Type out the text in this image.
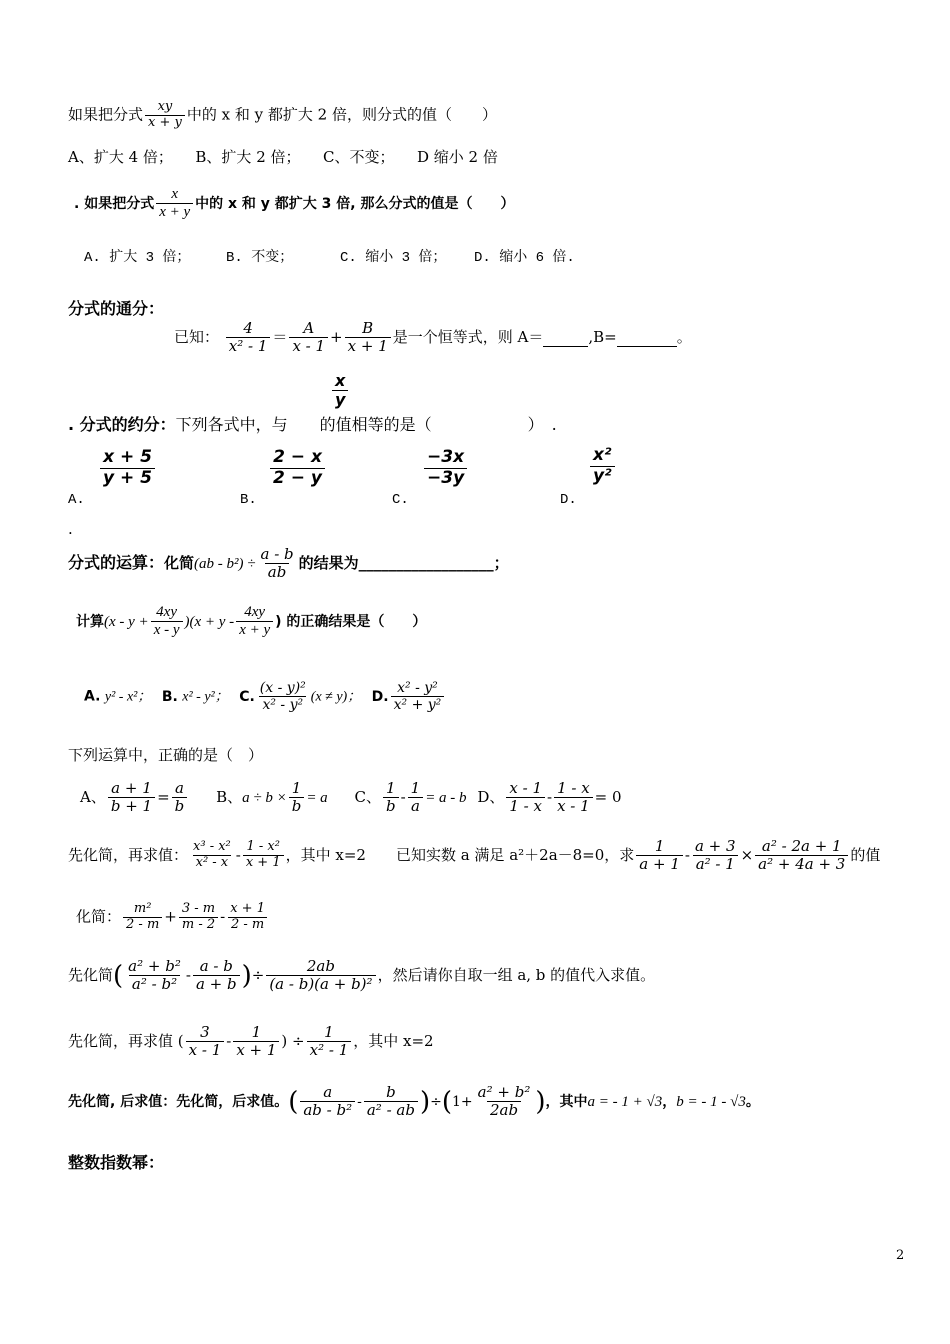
如果把分式 $\frac{xy}{x + y}$ 中的 x 和 y 都扩大 2 倍，则分式的值（　　）
A、扩大 4 倍；　　B、扩大 2 倍；　　C、不变；　　D 缩小 2 倍
. 如果把分式 $\frac{x}{x + y}$ 中的 x 和 y 都扩大 3 倍, 那么分式的值是（　　）
A. 扩大 3 倍；	B. 不变；	C. 缩小 3 倍； D. 缩小 6 倍.
分式的通分：
已知： $\frac{4}{\text{x² - 1}} = \frac{A}{x - 1} + \frac{B}{x + 1}$ 是一个恒等式，则 A＝	,B=	。
$\frac{x}{y}$
. 分式的约分：下列各式中，与 的值相等的是（　　　　　　）　.
$\frac{x + 5}{y + 5}$
A.
$\frac{2 - x}{2 - y}$
B.
$\frac{-3x}{-3y}$
C.
$\frac{\text{x²}}{\text{y²}}$
D.
.
分式的运算：化简$(ab - b^2) \div \frac{a - b}{ab}$ 的结果为__________________；
计算$(x - y + \frac{4xy}{x - y} )(x + y - \frac{4xy}{x + y}$ ) 的正确结果是（　　）
A. y² - x²； B. x² - y²； C. $\frac{\text{(x - y)²}}{\text{x² - y²}} (x \ne y)$； D. $\frac{\text{x² - y²}}{\text{x² + y²}}$
下列运算中，正确的是（　）
A、 $\frac{a + 1}{b + 1} = \frac{a}{b}$ B、$a \div b \times \frac{1}{b} = a$ C、 $\frac{1}{b} - \frac{1}{a} = a - b$ D、 $\frac{x - 1}{1 - x} - \frac{1 - x}{x - 1} = 0$
先化简，再求值： $\frac{\text{x³ - x²}}{\text{x² - x}} - \frac{\text{1 - x²}}{x + 1}$ ，其中 x=2　　已知实数 a 满足 a²＋2a－8=0，求 $\frac{1}{a + 1} - \frac{a + 3}{\text{a² - 1}} \times \frac{\text{a² - 2a + 1}}{\text{a² + 4a + 3}}$ 的值
化简： $\frac{\text{m²}}{2 - m} + \frac{3 - m}{m - 2} - \frac{x + 1}{2 - m}$
先化简( $\frac{\text{a² + b²}}{\text{a² - b²}} - \frac{a - b}{a + b}$ )÷ $\frac{2ab}{\text{(a - b)(a + b)²}}$ ，然后请你自取一组 a, b 的值代入求值。
先化简，再求值 ( $\frac{3}{x - 1} - \frac{1}{x + 1}$ ) ÷ $\frac{1}{\text{x² - 1}}$ ，其中 x=2
先化简, 后求值：先化简，后求值。( $\frac{a}{\text{ab - b²}} - \frac{b}{\text{a² - ab}} )\div(1+ \frac{\text{a² + b²}}{2ab}$ )，其中a = - 1 + √3，b = - 1 - √3。
整数指数幂：
2
